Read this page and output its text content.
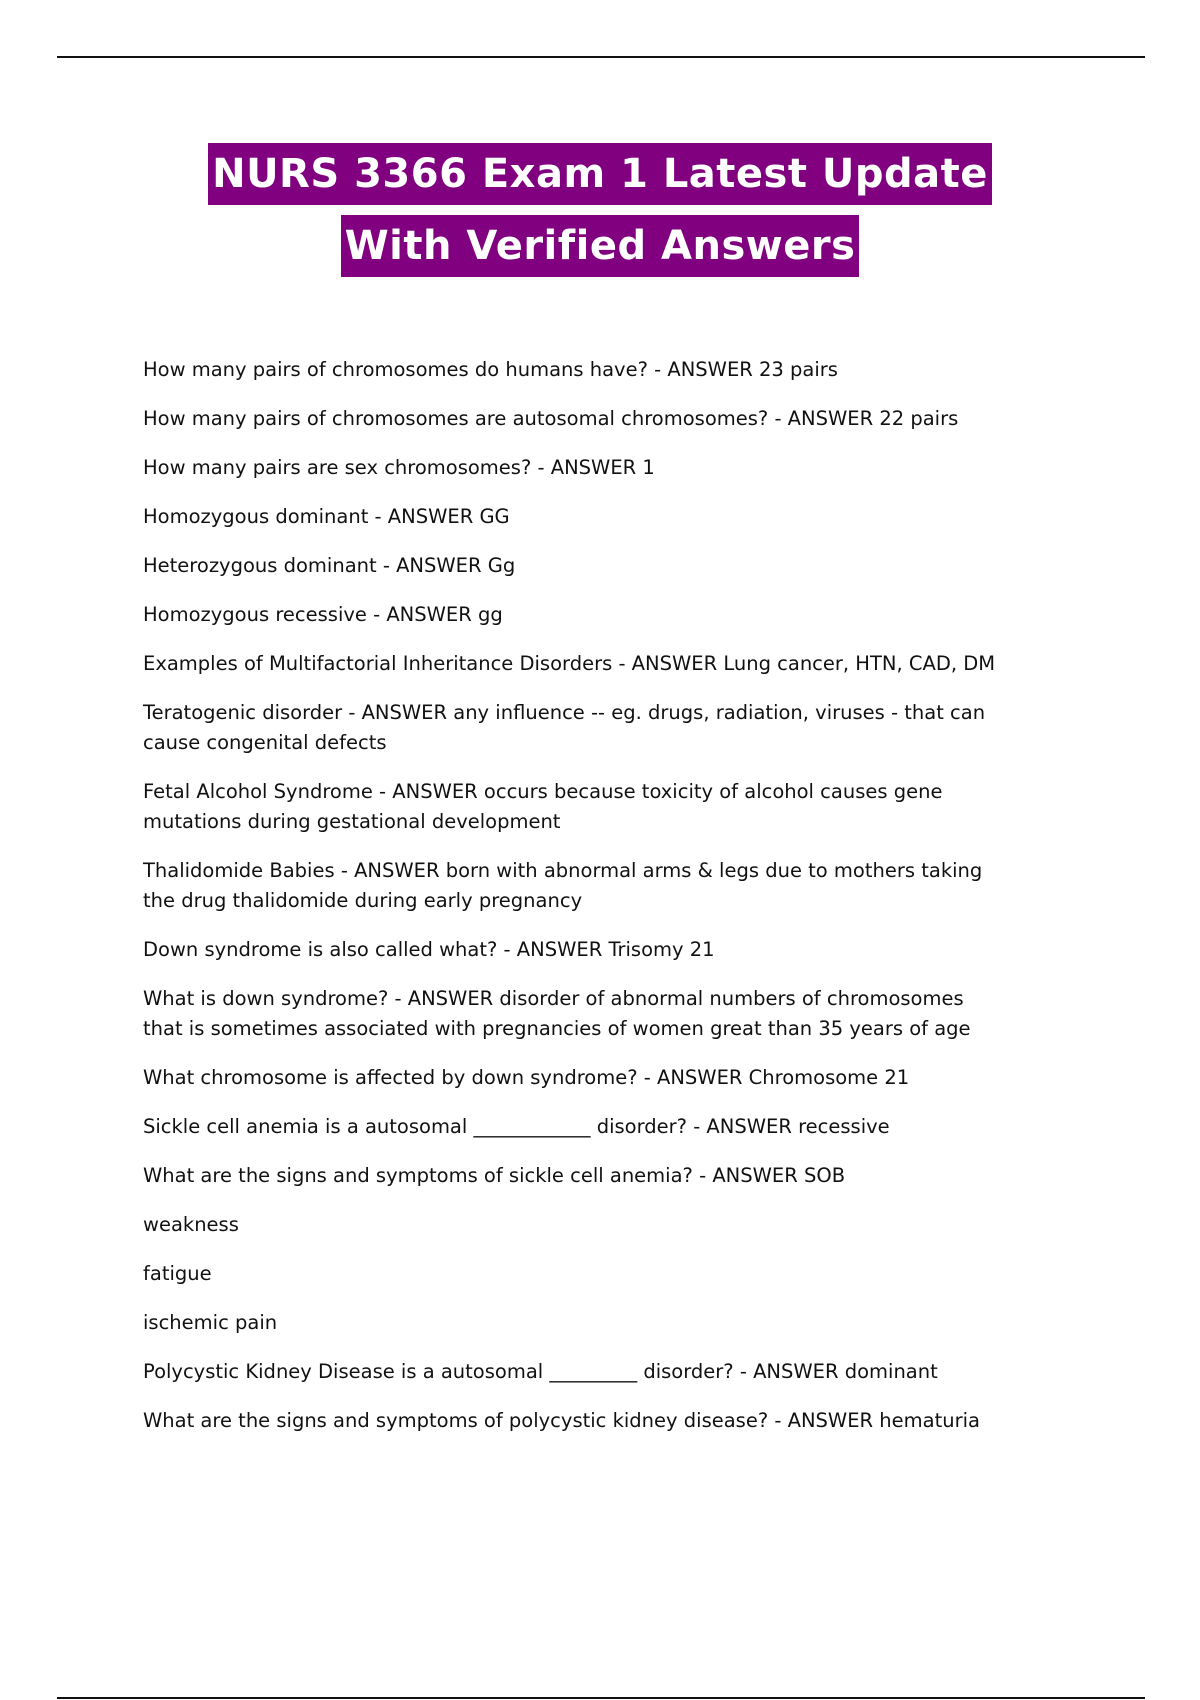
NURS 3366 Exam 1 Latest Update
With Verified Answers
How many pairs of chromosomes do humans have? - ANSWER 23 pairs
How many pairs of chromosomes are autosomal chromosomes? - ANSWER 22 pairs
How many pairs are sex chromosomes? - ANSWER 1
Homozygous dominant - ANSWER GG
Heterozygous dominant - ANSWER Gg
Homozygous recessive - ANSWER gg
Examples of Multifactorial Inheritance Disorders - ANSWER Lung cancer, HTN, CAD, DM
Teratogenic disorder - ANSWER any influence -- eg. drugs, radiation, viruses - that can
cause congenital defects
Fetal Alcohol Syndrome - ANSWER occurs because toxicity of alcohol causes gene
mutations during gestational development
Thalidomide Babies - ANSWER born with abnormal arms & legs due to mothers taking
the drug thalidomide during early pregnancy
Down syndrome is also called what? - ANSWER Trisomy 21
What is down syndrome? - ANSWER disorder of abnormal numbers of chromosomes
that is sometimes associated with pregnancies of women great than 35 years of age
What chromosome is affected by down syndrome? - ANSWER Chromosome 21
Sickle cell anemia is a autosomal ____________ disorder? - ANSWER recessive
What are the signs and symptoms of sickle cell anemia? - ANSWER SOB
weakness
fatigue
ischemic pain
Polycystic Kidney Disease is a autosomal _________ disorder? - ANSWER dominant
What are the signs and symptoms of polycystic kidney disease? - ANSWER hematuria
